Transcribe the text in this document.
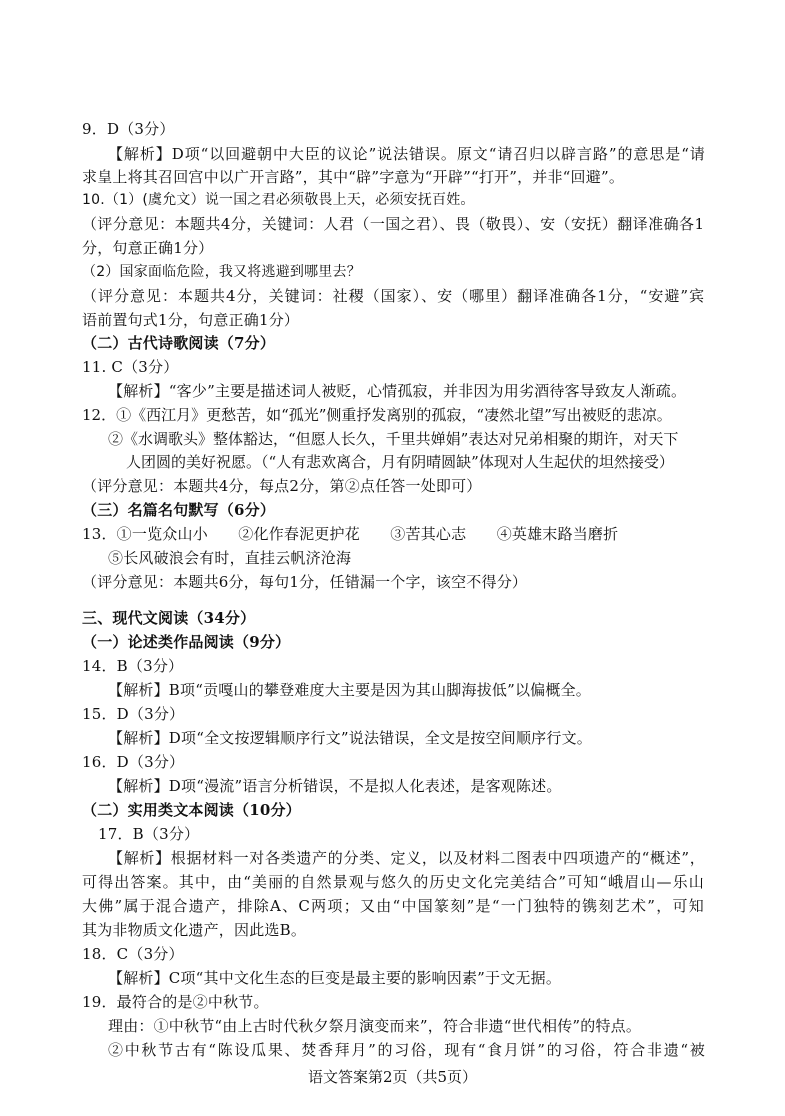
9．D（3分）
【解析】D项“以回避朝中大臣的议论”说法错误。原文“请召归以辟言路”的意思是“请
求皇上将其召回宫中以广开言路”，其中“辟”字意为“开辟”“打开”，并非“回避”。
10.（1）(虞允文）说一国之君必须敬畏上天，必须安抚百姓。
（评分意见：本题共4分，关键词：人君（一国之君）、畏（敬畏）、安（安抚）翻译准确各1
分，句意正确1分）
（2）国家面临危险，我又将逃避到哪里去？
（评分意见：本题共4分，关键词：社稷（国家）、安（哪里）翻译准确各1分，“安避”宾
语前置句式1分，句意正确1分）
（二）古代诗歌阅读（7分）
11. C（3分）
【解析】“客少”主要是描述词人被贬，心情孤寂，并非因为用劣酒待客导致友人渐疏。
12．①《西江月》更愁苦，如“孤光”侧重抒发离别的孤寂，“凄然北望”写出被贬的悲凉。
②《水调歌头》整体豁达，“但愿人长久，千里共婵娟”表达对兄弟相聚的期许，对天下
人团圆的美好祝愿。（“人有悲欢离合，月有阴晴圆缺”体现对人生起伏的坦然接受）
（评分意见：本题共4分，每点2分，第②点任答一处即可）
（三）名篇名句默写（6分）
13．①一览众山小　　②化作春泥更护花　　③苦其心志　　④英雄末路当磨折
⑤长风破浪会有时，直挂云帆济沧海
（评分意见：本题共6分，每句1分，任错漏一个字，该空不得分）
三、现代文阅读（34分）
（一）论述类作品阅读（9分）
14．B（3分）
【解析】B项“贡嘎山的攀登难度大主要是因为其山脚海拔低”以偏概全。
15．D（3分）
【解析】D项“全文按逻辑顺序行文”说法错误，全文是按空间顺序行文。
16．D（3分）
【解析】D项“漫流”语言分析错误，不是拟人化表述，是客观陈述。
（二）实用类文本阅读（10分）
17．B（3分）
【解析】根据材料一对各类遗产的分类、定义，以及材料二图表中四项遗产的“概述”，
可得出答案。其中，由“美丽的自然景观与悠久的历史文化完美结合”可知“峨眉山—乐山
大佛”属于混合遗产，排除A、C两项；又由“中国篆刻”是“一门独特的镌刻艺术”，可知
其为非物质文化遗产，因此选B。
18．C（3分）
【解析】C项“其中文化生态的巨变是最主要的影响因素”于文无据。
19．最符合的是②中秋节。
理由：①中秋节“由上古时代秋夕祭月演变而来”，符合非遗“世代相传”的特点。
②中秋节古有“陈设瓜果、焚香拜月”的习俗，现有“食月饼”的习俗，符合非遗“被
语文答案第2页（共5页）
